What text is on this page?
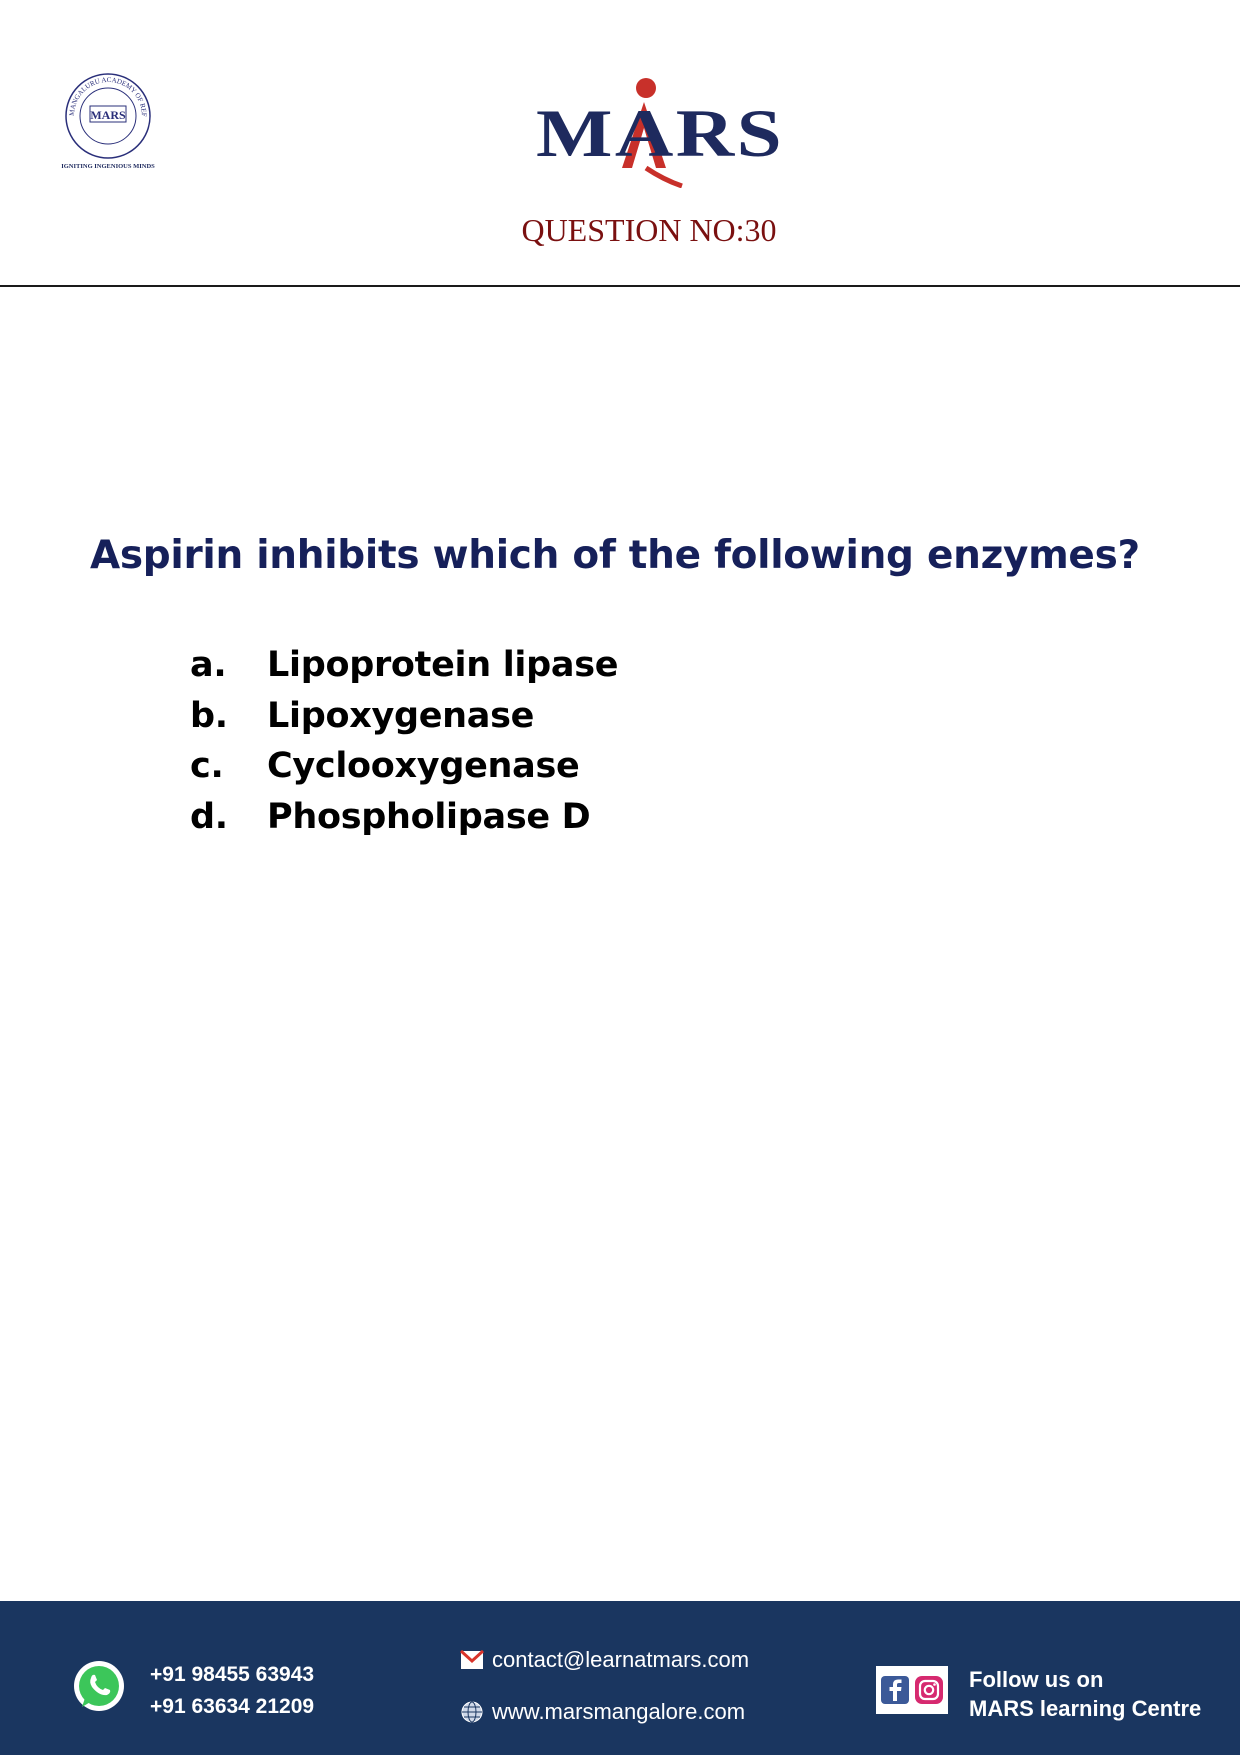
MANGALURU ACADEMY OF REF
MARS
IGNITING INGENIOUS MINDS	MARS
QUESTION NO:30
Aspirin inhibits which of the following enzymes?
a.	Lipoprotein lipase
b.	Lipoxygenase
c.	Cyclooxygenase
d.	Phospholipase D
+91 98455 63943
+91 63634 21209
contact@learnatmars.com
www.marsmangalore.com
Follow us on
MARS learning Centre
